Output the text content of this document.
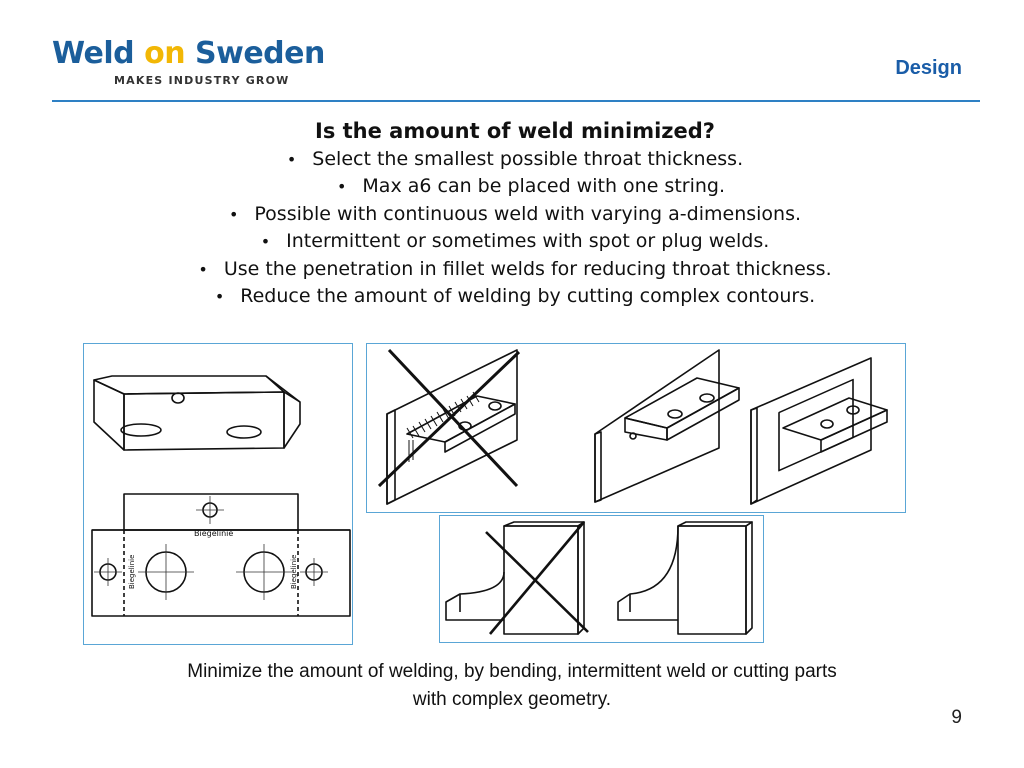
Weld on Sweden
MAKES INDUSTRY GROW
Design
Is the amount of weld minimized?
• Select the smallest possible throat thickness.
• Max a6 can be placed with one string.
• Possible with continuous weld with varying a-dimensions.
• Intermittent or sometimes with spot or plug welds.
• Use the penetration in fillet welds for reducing throat thickness.
• Reduce the amount of welding by cutting complex contours.
Biegelinie
Biegelinie	Biegelinie
Minimize the amount of welding, by bending, intermittent weld or cutting parts
with complex geometry.
9
